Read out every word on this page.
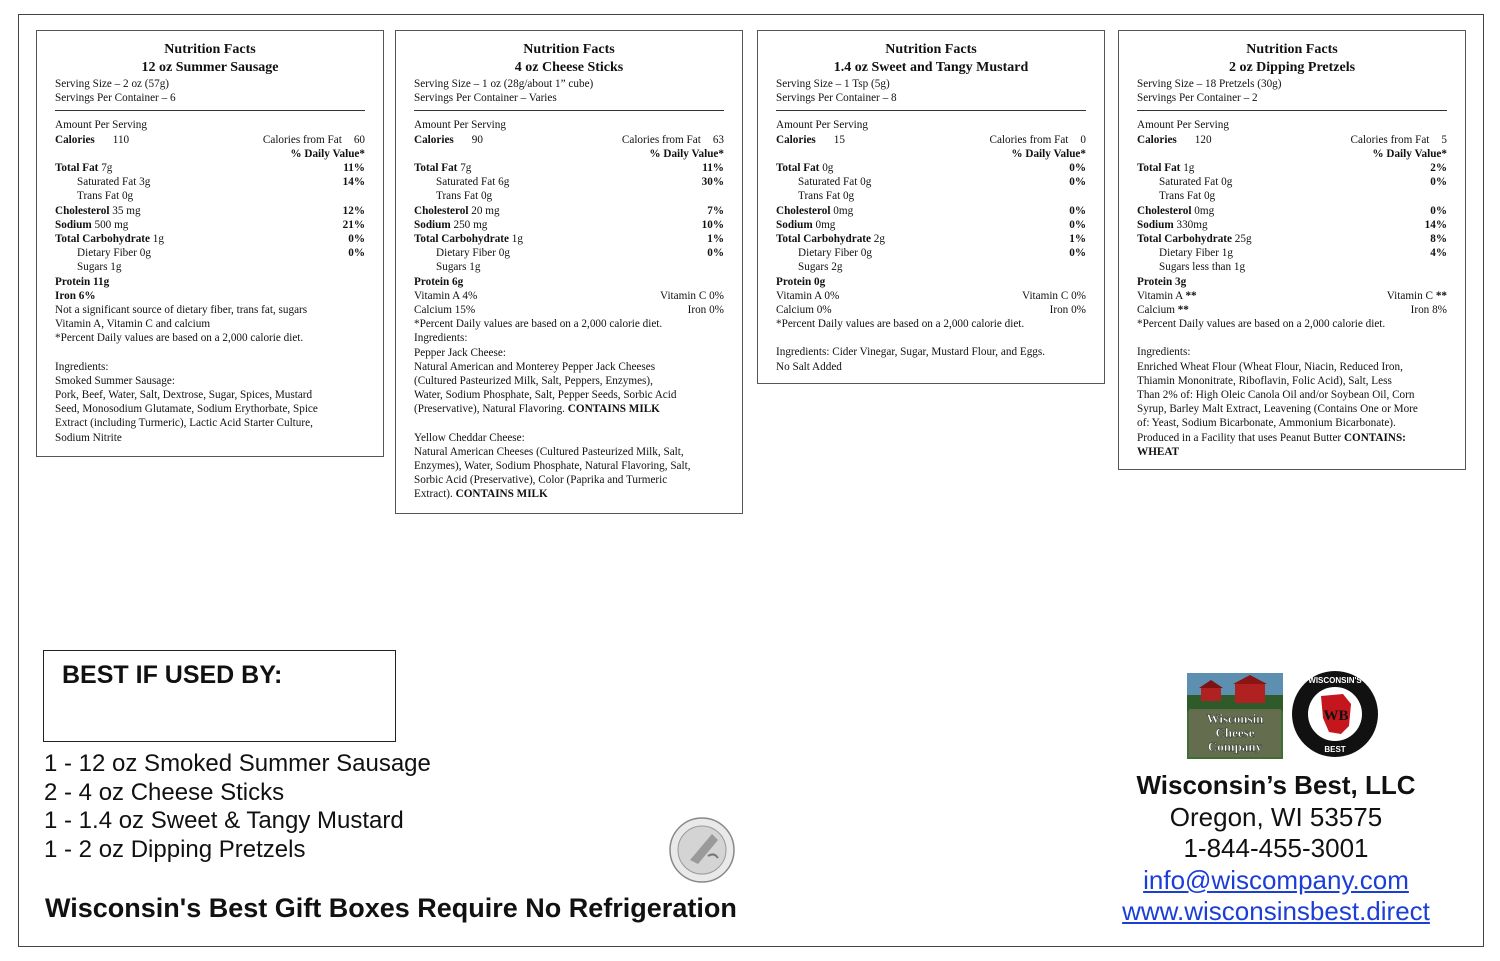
Nutrition Facts
12 oz Summer Sausage
Serving Size – 2 oz (57g)
Servings Per Container – 6
Amount Per Serving
Calories 110	Calories from Fat 60
% Daily Value*
Total Fat 7g	11%
Saturated Fat 3g	14%
Trans Fat 0g
Cholesterol 35 mg	12%
Sodium 500 mg	21%
Total Carbohydrate 1g	0%
Dietary Fiber 0g	0%
Sugars 1g
Protein 11g
Iron 6%
Not a significant source of dietary fiber, trans fat, sugars
Vitamin A, Vitamin C and calcium
*Percent Daily values are based on a 2,000 calorie diet.
Ingredients:
Smoked Summer Sausage:
Pork, Beef, Water, Salt, Dextrose, Sugar, Spices, Mustard
Seed, Monosodium Glutamate, Sodium Erythorbate, Spice
Extract (including Turmeric), Lactic Acid Starter Culture,
Sodium Nitrite
Nutrition Facts
4 oz Cheese Sticks
Serving Size – 1 oz (28g/about 1” cube)
Servings Per Container – Varies
Amount Per Serving
Calories 90	Calories from Fat 63
% Daily Value*
Total Fat 7g	11%
Saturated Fat 6g	30%
Trans Fat 0g
Cholesterol 20 mg	7%
Sodium 250 mg	10%
Total Carbohydrate 1g	1%
Dietary Fiber 0g	0%
Sugars 1g
Protein 6g
Vitamin A 4%	Vitamin C 0%
Calcium 15%	Iron 0%
*Percent Daily values are based on a 2,000 calorie diet.
Ingredients:
Pepper Jack Cheese:
Natural American and Monterey Pepper Jack Cheeses
(Cultured Pasteurized Milk, Salt, Peppers, Enzymes),
Water, Sodium Phosphate, Salt, Pepper Seeds, Sorbic Acid
(Preservative), Natural Flavoring. CONTAINS MILK
Yellow Cheddar Cheese:
Natural American Cheeses (Cultured Pasteurized Milk, Salt,
Enzymes), Water, Sodium Phosphate, Natural Flavoring, Salt,
Sorbic Acid (Preservative), Color (Paprika and Turmeric
Extract). CONTAINS MILK
Nutrition Facts
1.4 oz Sweet and Tangy Mustard
Serving Size – 1 Tsp (5g)
Servings Per Container – 8
Amount Per Serving
Calories 15	Calories from Fat 0
% Daily Value*
Total Fat 0g	0%
Saturated Fat 0g	0%
Trans Fat 0g
Cholesterol 0mg	0%
Sodium 0mg	0%
Total Carbohydrate 2g	1%
Dietary Fiber 0g	0%
Sugars 2g
Protein 0g
Vitamin A 0%	Vitamin C 0%
Calcium 0%	Iron 0%
*Percent Daily values are based on a 2,000 calorie diet.
Ingredients: Cider Vinegar, Sugar, Mustard Flour, and Eggs.
No Salt Added
Nutrition Facts
2 oz Dipping Pretzels
Serving Size – 18 Pretzels (30g)
Servings Per Container – 2
Amount Per Serving
Calories 120	Calories from Fat 5
% Daily Value*
Total Fat 1g	2%
Saturated Fat 0g	0%
Trans Fat 0g
Cholesterol 0mg	0%
Sodium 330mg	14%
Total Carbohydrate 25g	8%
Dietary Fiber 1g	4%
Sugars less than 1g
Protein 3g
Vitamin A **	Vitamin C **
Calcium **	Iron 8%
*Percent Daily values are based on a 2,000 calorie diet.
Ingredients:
Enriched Wheat Flour (Wheat Flour, Niacin, Reduced Iron,
Thiamin Mononitrate, Riboflavin, Folic Acid), Salt, Less
Than 2% of: High Oleic Canola Oil and/or Soybean Oil, Corn
Syrup, Barley Malt Extract, Leavening (Contains One or More
of: Yeast, Sodium Bicarbonate, Ammonium Bicarbonate).
Produced in a Facility that uses Peanut Butter CONTAINS:
WHEAT
BEST IF USED BY:
1 - 12 oz Smoked Summer Sausage
2 - 4 oz Cheese Sticks
1 - 1.4 oz Sweet & Tangy Mustard
1 - 2 oz Dipping Pretzels
Wisconsin
Cheese
Company
WB
WISCONSIN'S
BEST
Wisconsin’s Best, LLC
Oregon, WI 53575
1-844-455-3001
info@wiscompany.com
www.wisconsinsbest.direct
Wisconsin's Best Gift Boxes Require No Refrigeration
